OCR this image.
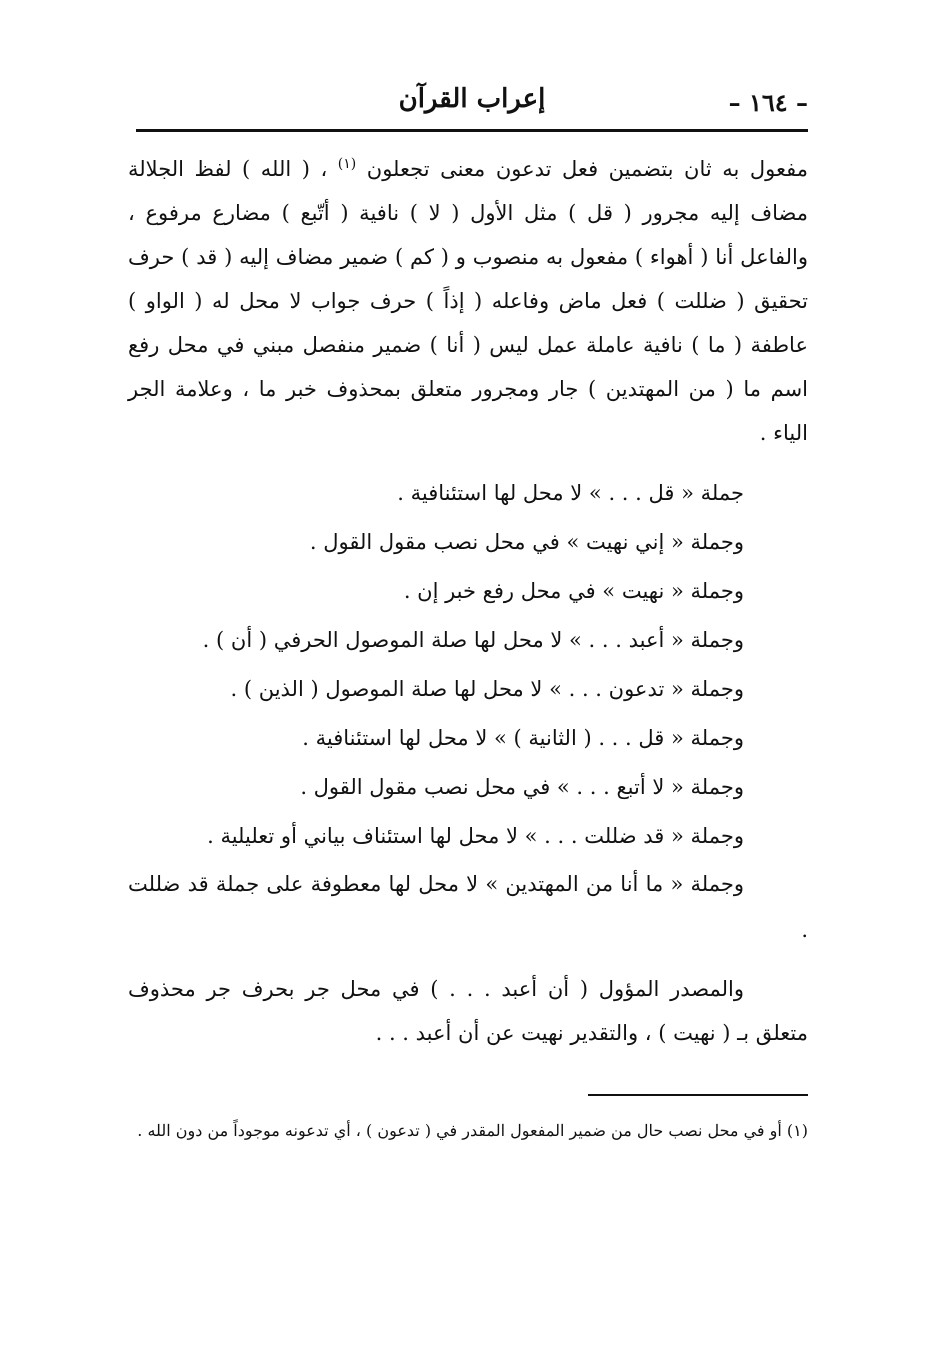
– ١٦٤ –
إعراب القرآن

مفعول به ثان بتضمين فعل تدعون معنى تجعلون $^{(١)}$ ، ( الله ) لفظ الجلالة مضاف إليه مجرور ( قل ) مثل الأول ( لا ) نافية ( أتّبع ) مضارع مرفوع ، والفاعل أنا ( أهواء ) مفعول به منصوب و ( كم ) ضمير مضاف إليه ( قد ) حرف تحقيق ( ضللت ) فعل ماض وفاعله ( إذاً ) حرف جواب لا محل له ( الواو ) عاطفة ( ما ) نافية عاملة عمل ليس ( أنا ) ضمير منفصل مبني في محل رفع اسم ما ( من المهتدين ) جار ومجرور متعلق بمحذوف خبر ما ، وعلامة الجر الياء .

جملة « قل . . . » لا محل لها استئنافية .
وجملة « إني نهيت » في محل نصب مقول القول .
وجملة « نهيت » في محل رفع خبر إن .
وجملة « أعبد . . . » لا محل لها صلة الموصول الحرفي ( أن ) .
وجملة « تدعون . . . » لا محل لها صلة الموصول ( الذين ) .
وجملة « قل . . . ( الثانية ) » لا محل لها استئنافية .
وجملة « لا أتبع . . . » في محل نصب مقول القول .
وجملة « قد ضللت . . . » لا محل لها استئناف بياني أو تعليلية .
وجملة « ما أنا من المهتدين » لا محل لها معطوفة على جملة قد ضللت .

والمصدر المؤول ( أن أعبد . . . ) في محل جر بحرف جر محذوف متعلق بـ ( نهيت ) ، والتقدير نهيت عن أن أعبد . . .

(١) أو في محل نصب حال من ضمير المفعول المقدر في ( تدعون ) ، أي تدعونه موجوداً من دون الله .
